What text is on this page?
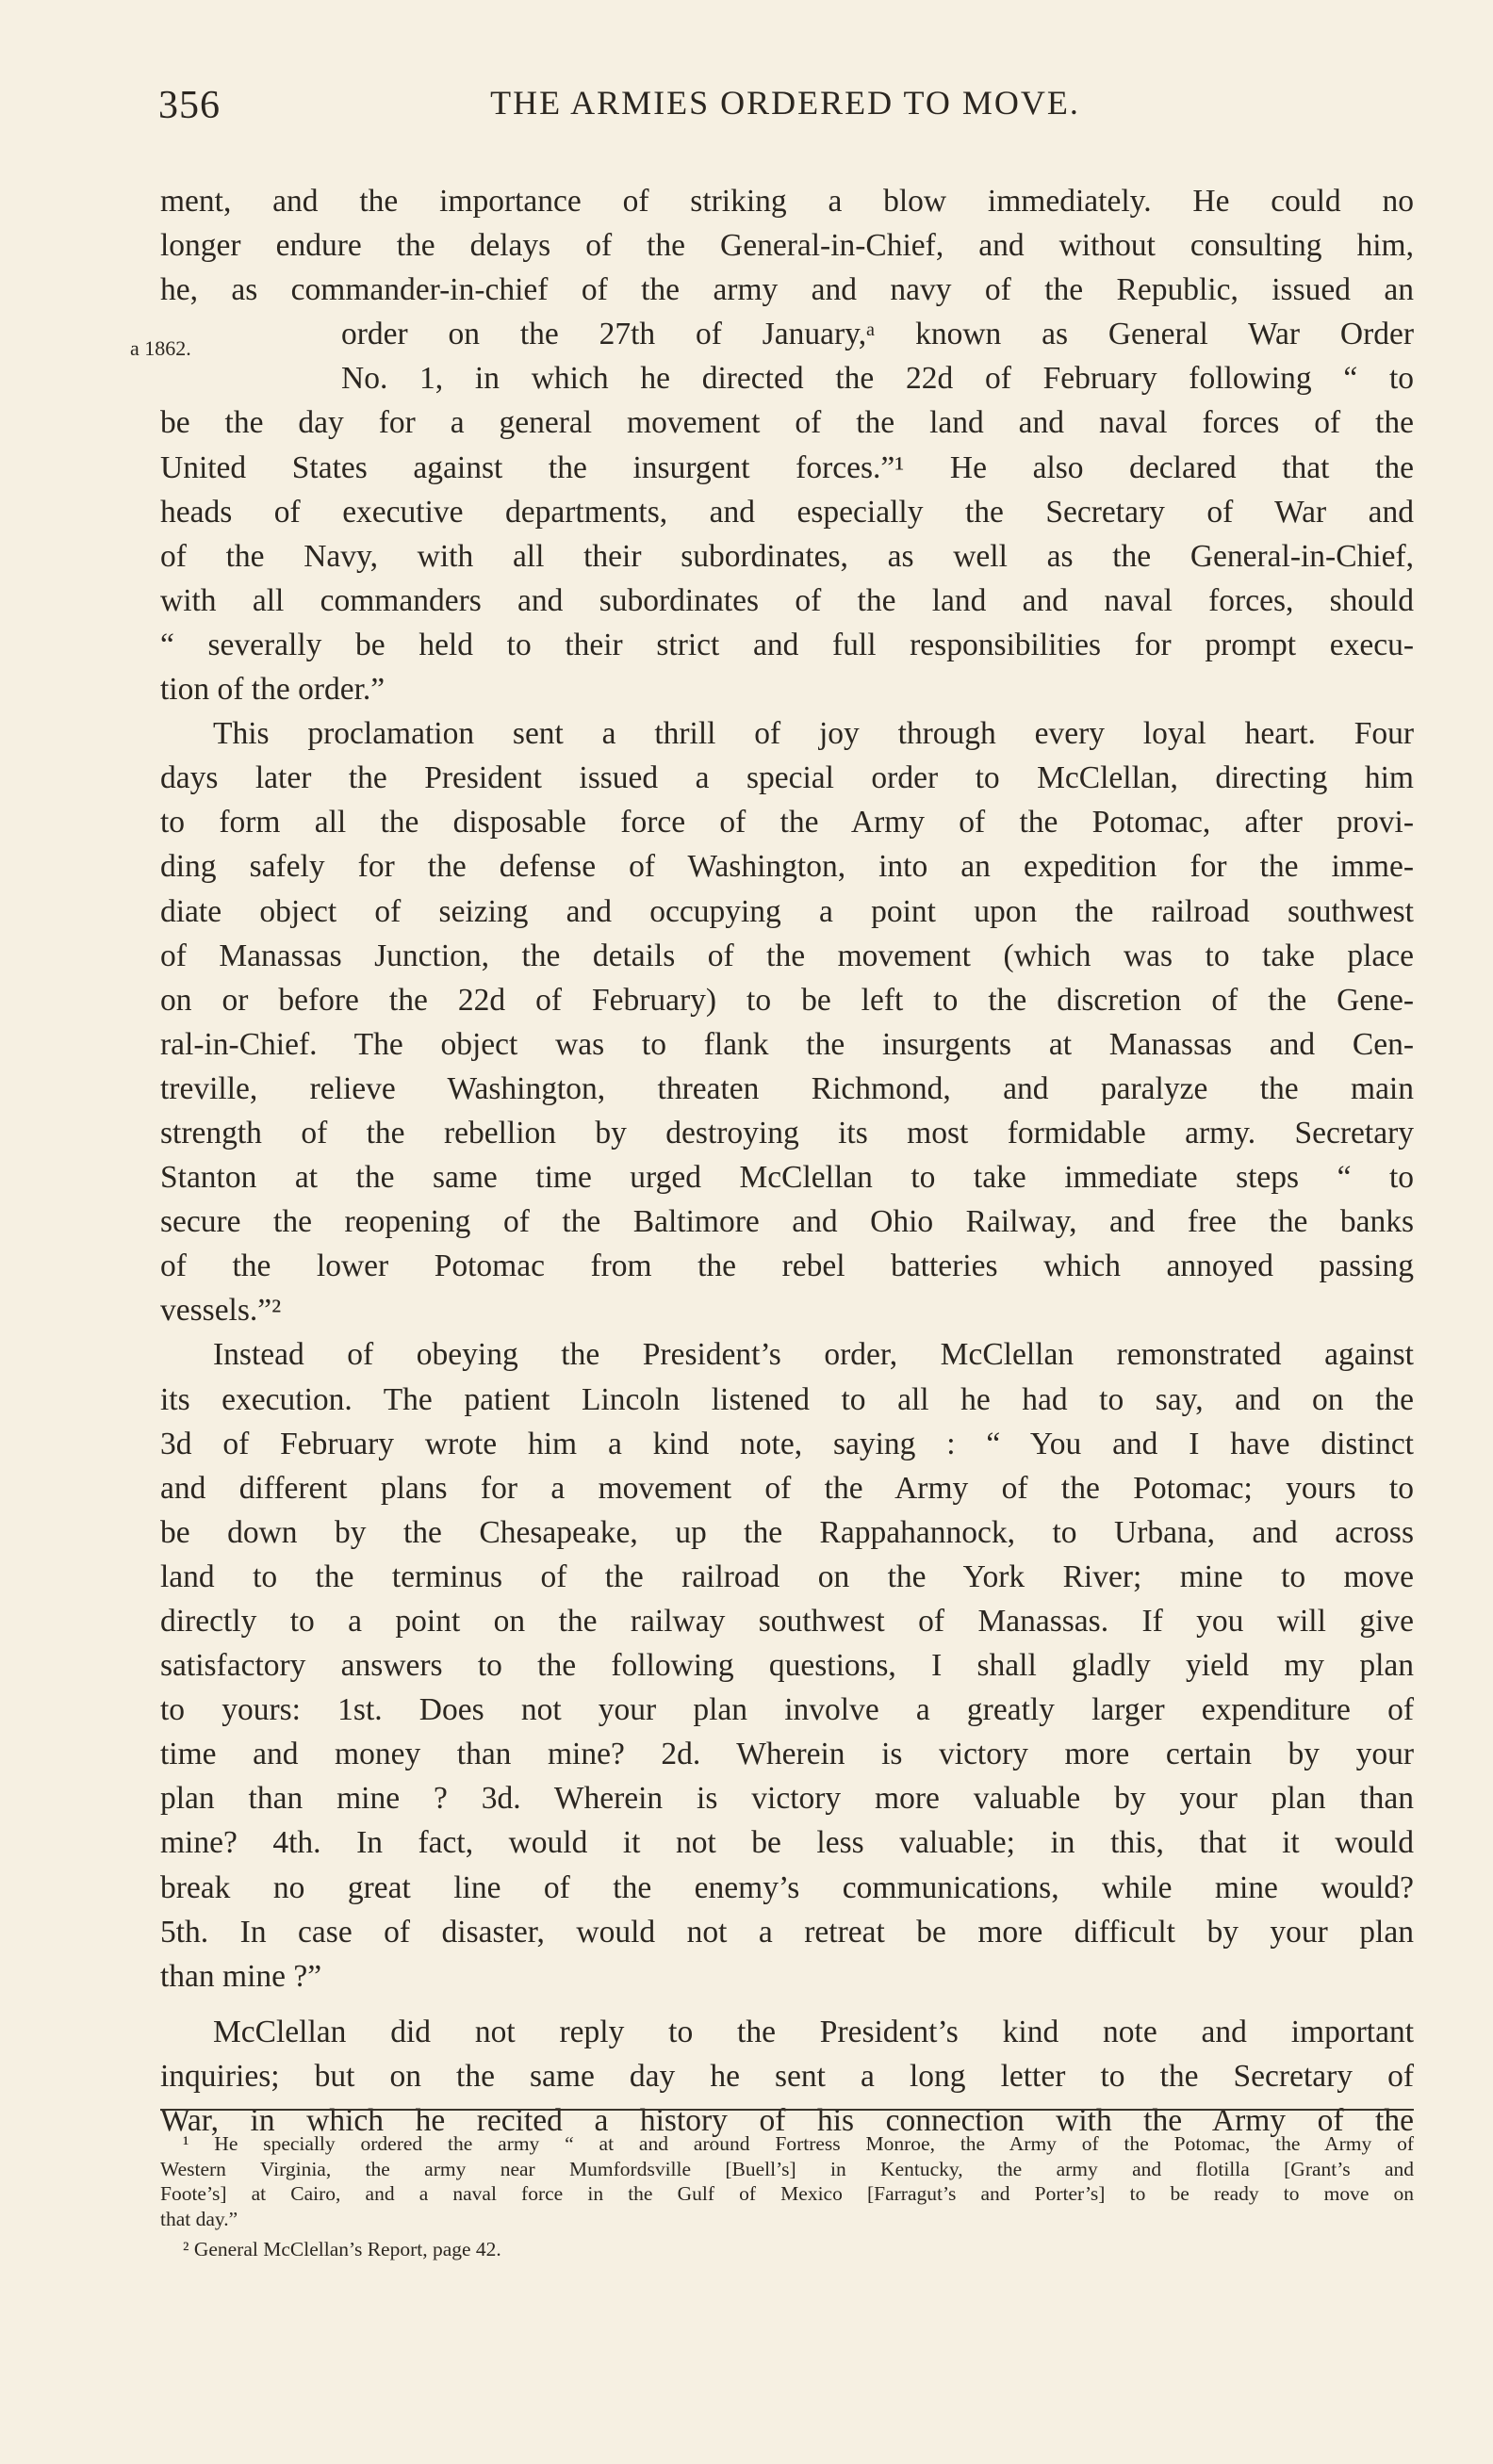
356	THE ARMIES ORDERED TO MOVE.
a 1862.
ment, and the importance of striking a blow immediately. He could no
longer endure the delays of the General-in-Chief, and without consulting him,
he, as commander-in-chief of the army and navy of the Republic, issued an
order on the 27th of January,ᵃ known as General War Order
No. 1, in which he directed the 22d of February following “ to
be the day for a general movement of the land and naval forces of the
United States against the insurgent forces.”¹ He also declared that the
heads of executive departments, and especially the Secretary of War and
of the Navy, with all their subordinates, as well as the General-in-Chief,
with all commanders and subordinates of the land and naval forces, should
“ severally be held to their strict and full responsibilities for prompt execu-
tion of the order.”
This proclamation sent a thrill of joy through every loyal heart. Four
days later the President issued a special order to McClellan, directing him
to form all the disposable force of the Army of the Potomac, after provi-
ding safely for the defense of Washington, into an expedition for the imme-
diate object of seizing and occupying a point upon the railroad southwest
of Manassas Junction, the details of the movement (which was to take place
on or before the 22d of February) to be left to the discretion of the Gene-
ral-in-Chief. The object was to flank the insurgents at Manassas and Cen-
treville, relieve Washington, threaten Richmond, and paralyze the main
strength of the rebellion by destroying its most formidable army. Secretary
Stanton at the same time urged McClellan to take immediate steps “ to
secure the reopening of the Baltimore and Ohio Railway, and free the banks
of the lower Potomac from the rebel batteries which annoyed passing
vessels.”²
Instead of obeying the President’s order, McClellan remonstrated against
its execution. The patient Lincoln listened to all he had to say, and on the
3d of February wrote him a kind note, saying : “ You and I have distinct
and different plans for a movement of the Army of the Potomac; yours to
be down by the Chesapeake, up the Rappahannock, to Urbana, and across
land to the terminus of the railroad on the York River; mine to move
directly to a point on the railway southwest of Manassas. If you will give
satisfactory answers to the following questions, I shall gladly yield my plan
to yours: 1st. Does not your plan involve a greatly larger expenditure of
time and money than mine? 2d. Wherein is victory more certain by your
plan than mine ? 3d. Wherein is victory more valuable by your plan than
mine? 4th. In fact, would it not be less valuable; in this, that it would
break no great line of the enemy’s communications, while mine would?
5th. In case of disaster, would not a retreat be more difficult by your plan
than mine ?”
McClellan did not reply to the President’s kind note and important
inquiries; but on the same day he sent a long letter to the Secretary of
War, in which he recited a history of his connection with the Army of the
¹ He specially ordered the army “ at and around Fortress Monroe, the Army of the Potomac, the Army of
Western Virginia, the army near Mumfordsville [Buell’s] in Kentucky, the army and flotilla [Grant’s and
Foote’s] at Cairo, and a naval force in the Gulf of Mexico [Farragut’s and Porter’s] to be ready to move on
that day.”
² General McClellan’s Report, page 42.
